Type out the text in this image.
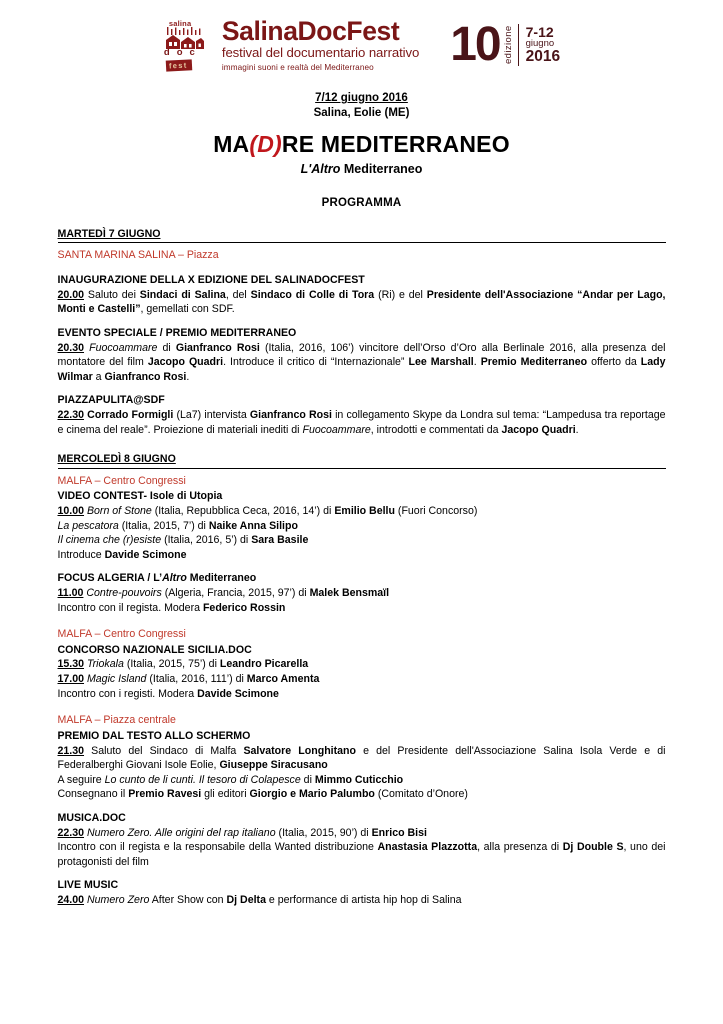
salina
d o c
fest
SalinaDocFest
festival del documentario narrativo
immagini suoni e realtà del Mediterraneo	10 edizione 7-12
giugno
2016
7/12 giugno 2016
Salina, Eolie (ME)
MA(D)RE MEDITERRANEO
L'Altro Mediterraneo
PROGRAMMA
MARTEDÌ 7 GIUGNO
SANTA MARINA SALINA – Piazza
INAUGURAZIONE DELLA X EDIZIONE DEL SALINADOCFEST
20.00 Saluto dei Sindaci di Salina, del Sindaco di Colle di Tora (Ri) e del Presidente dell'Associazione “Andar per Lago, Monti e Castelli”, gemellati con SDF.
EVENTO SPECIALE / PREMIO MEDITERRANEO
20.30 Fuocoammare di Gianfranco Rosi (Italia, 2016, 106’) vincitore dell’Orso d’Oro alla Berlinale 2016, alla presenza del montatore del film Jacopo Quadri. Introduce il critico di “Internazionale” Lee Marshall. Premio Mediterraneo offerto da Lady Wilmar a Gianfranco Rosi.
PIAZZAPULITA@SDF
22.30 Corrado Formigli (La7) intervista Gianfranco Rosi in collegamento Skype da Londra sul tema: “Lampedusa tra reportage e cinema del reale”. Proiezione di materiali inediti di Fuocoammare, introdotti e commentati da Jacopo Quadri.
MERCOLEDÌ 8 GIUGNO
MALFA – Centro Congressi
VIDEO CONTEST- Isole di Utopia
10.00 Born of Stone (Italia, Repubblica Ceca, 2016, 14’) di Emilio Bellu (Fuori Concorso)
La pescatora (Italia, 2015, 7’) di Naike Anna Silipo
Il cinema che (r)esiste (Italia, 2016, 5’) di Sara Basile
Introduce Davide Scimone
FOCUS ALGERIA / L’Altro Mediterraneo
11.00 Contre-pouvoirs (Algeria, Francia, 2015, 97’) di Malek Bensmaïl
Incontro con il regista. Modera Federico Rossin
MALFA – Centro Congressi
CONCORSO NAZIONALE SICILIA.DOC
15.30 Triokala (Italia, 2015, 75’) di Leandro Picarella
17.00 Magic Island (Italia, 2016, 111’) di Marco Amenta
Incontro con i registi. Modera Davide Scimone
MALFA – Piazza centrale
PREMIO DAL TESTO ALLO SCHERMO
21.30 Saluto del Sindaco di Malfa Salvatore Longhitano e del Presidente dell'Associazione Salina Isola Verde e di Federalberghi Giovani Isole Eolie, Giuseppe Siracusano
A seguire Lo cunto de li cunti. Il tesoro di Colapesce di Mimmo Cuticchio
Consegnano il Premio Ravesi gli editori Giorgio e Mario Palumbo (Comitato d’Onore)
MUSICA.DOC
22.30 Numero Zero. Alle origini del rap italiano (Italia, 2015, 90’) di Enrico Bisi
Incontro con il regista e la responsabile della Wanted distribuzione Anastasia Plazzotta, alla presenza di Dj Double S, uno dei protagonisti del film
LIVE MUSIC
24.00 Numero Zero After Show con Dj Delta e performance di artista hip hop di Salina
